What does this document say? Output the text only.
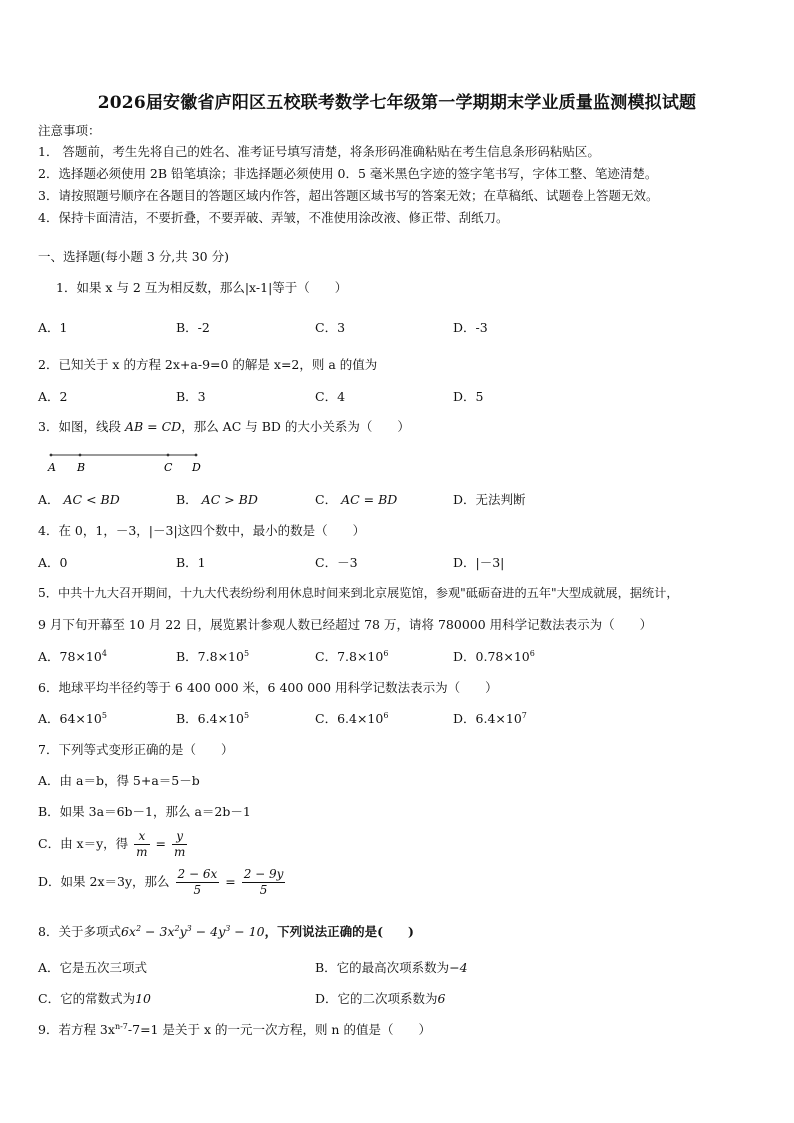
2026届安徽省庐阳区五校联考数学七年级第一学期期末学业质量监测模拟试题
注意事项：
1． 答题前，考生先将自己的姓名、准考证号填写清楚，将条形码准确粘贴在考生信息条形码粘贴区。
2．选择题必须使用 2B 铅笔填涂；非选择题必须使用 0．5 毫米黑色字迹的签字笔书写，字体工整、笔迹清楚。
3．请按照题号顺序在各题目的答题区域内作答，超出答题区域书写的答案无效；在草稿纸、试题卷上答题无效。
4．保持卡面清洁，不要折叠，不要弄破、弄皱，不准使用涂改液、修正带、刮纸刀。
一、选择题(每小题 3 分,共 30 分)
1．如果 x 与 2 互为相反数，那么|x-1|等于（　　）
A．1	B．-2	C．3	D．-3
2．已知关于 x 的方程 2x+a-9=0 的解是 x=2，则 a 的值为
A．2	B．3	C．4	D．5
3．如图，线段 AB = CD，那么 AC 与 BD 的大小关系为（　　）
A B	C D
A． AC < BD	B． AC > BD	C． AC = BD	D．无法判断
4．在 0，1，－3，|－3|这四个数中，最小的数是（　　）
A．0	B．1	C．－3	D．|－3|
5．中共十九大召开期间，十九大代表纷纷利用休息时间来到北京展览馆，参观"砥砺奋进的五年"大型成就展，据统计，
9 月下旬开幕至 10 月 22 日，展览累计参观人数已经超过 78 万，请将 780000 用科学记数法表示为（　　）
A．$78\times 10^4$	B．$7.8\times 10^5$	C．$7.8\times 10^6$	D．$0.78\times 10^6$
6．地球平均半径约等于 6 400 000 米，6 400 000 用科学记数法表示为（　　）
A．$64\times 10^5$	B．$6.4\times 10^5$	C．$6.4\times 10^6$	D．$6.4\times 10^7$
7．下列等式变形正确的是（　　）
A．由 a＝b，得 5+a＝5－b
B．如果 3a＝6b－1，那么 a＝2b－1
C．由 x＝y，得 $\frac{x}{m} = \frac{y}{m}$
D．如果 2x＝3y，那么 $\frac{2 - 6x}{5} = \frac{2 - 9y}{5}$
8．关于多项式$6x^2 - 3x^2y^3 - 4y^3 - 10$，下列说法正确的是(　　)
A．它是五次三项式	B．它的最高次项系数为−4
C．它的常数式为10	D．它的二次项系数为6
9．若方程 $3x^{n-7}-7=1$ 是关于 x 的一元一次方程，则 n 的值是（　　）
